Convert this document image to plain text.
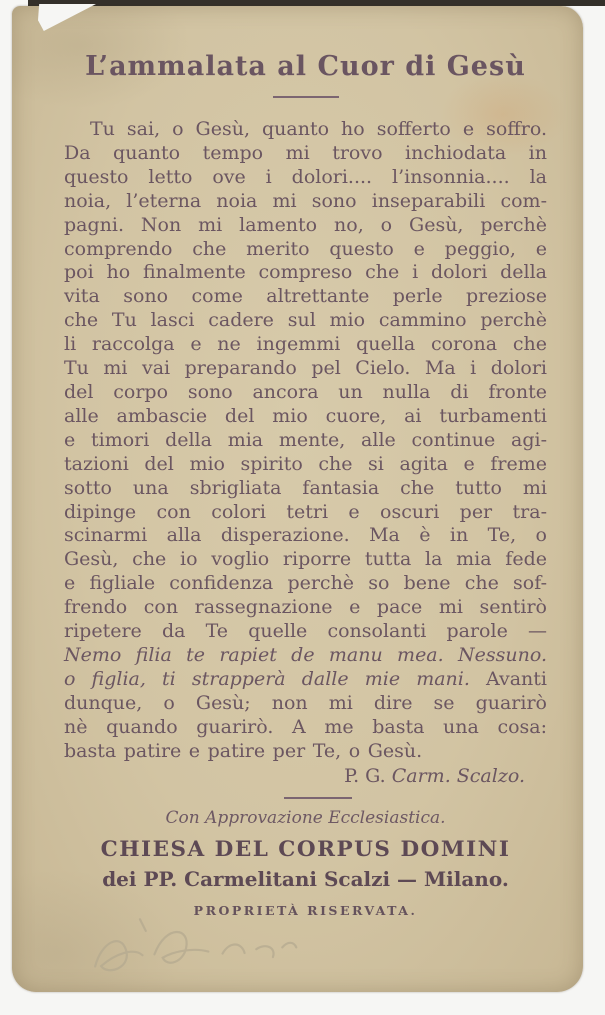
L’ammalata al Cuor di Gesù
Tu sai, o Gesù, quanto ho sofferto e soffro.
Da quanto tempo mi trovo inchiodata in
questo letto ove i dolori.... l’insonnia.... la
noia, l’eterna noia mi sono inseparabili com-
pagni. Non mi lamento no, o Gesù, perchè
comprendo che merito questo e peggio, e
poi ho finalmente compreso che i dolori della
vita sono come altrettante perle preziose
che Tu lasci cadere sul mio cammino perchè
li raccolga e ne ingemmi quella corona che
Tu mi vai preparando pel Cielo. Ma i dolori
del corpo sono ancora un nulla di fronte
alle ambascie del mio cuore, ai turbamenti
e timori della mia mente, alle continue agi-
tazioni del mio spirito che si agita e freme
sotto una sbrigliata fantasia che tutto mi
dipinge con colori tetri e oscuri per tra-
scinarmi alla disperazione. Ma è in Te, o
Gesù, che io voglio riporre tutta la mia fede
e figliale confidenza perchè so bene che sof-
frendo con rassegnazione e pace mi sentirò
ripetere da Te quelle consolanti parole —
Nemo filia te rapiet de manu mea. Nessuno.
o figlia, ti strapperà dalle mie mani. Avanti
dunque, o Gesù; non mi dire se guarirò
nè quando guarirò. A me basta una cosa:
basta patire e patire per Te, o Gesù.
P. G. Carm. Scalzo.
Con Approvazione Ecclesiastica.
CHIESA DEL CORPUS DOMINI
dei PP. Carmelitani Scalzi — Milano.
PROPRIETÀ RISERVATA.
